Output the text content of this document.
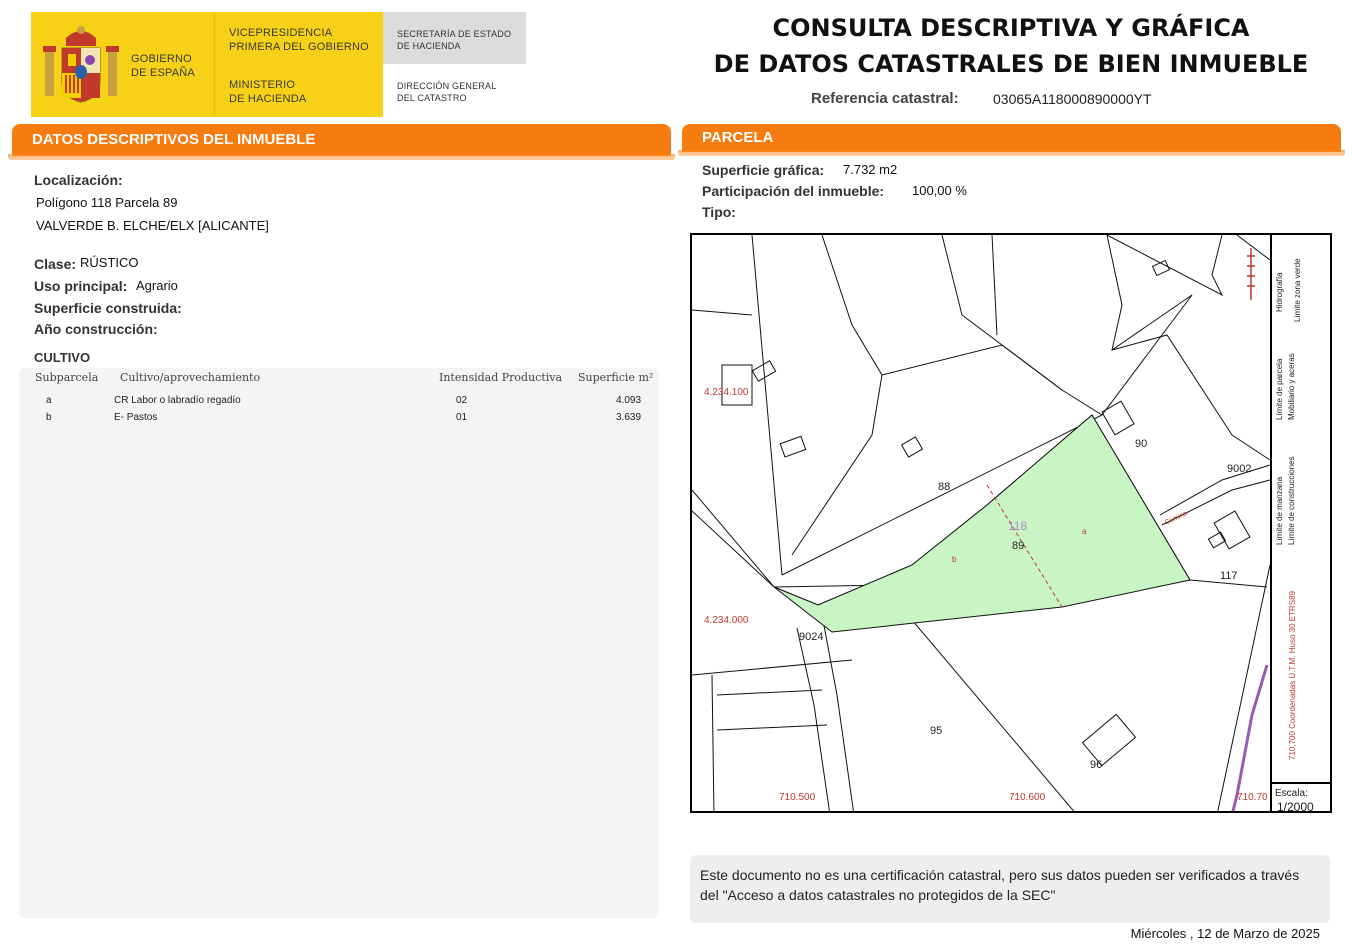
GOBIERNO
DE ESPAÑA
VICEPRESIDENCIA
PRIMERA DEL GOBIERNO
MINISTERIO
DE HACIENDA
SECRETARÍA DE ESTADO
DE HACIENDA
DIRECCIÓN GENERAL
DEL CATASTRO
CONSULTA DESCRIPTIVA Y GRÁFICA
DE DATOS CATASTRALES DE BIEN INMUEBLE
Referencia catastral: 03065A118000890000YT
DATOS DESCRIPTIVOS DEL INMUEBLE
Localización:
Polígono 118 Parcela 89
VALVERDE B. ELCHE/ELX [ALICANTE]
Clase: RÚSTICO
Uso principal: Agrario
Superficie construida:
Año construcción:
CULTIVO
Subparcela Cultivo/aprovechamiento	Intensidad Productiva Superficie m²
a	CR Labor o labradío regadío	02	4.093
b	E- Pastos	01	3.639
PARCELA
Superficie gráfica: 7.732 m2
Participación del inmueble: 100,00 %
Tipo:
4.234.100
4.234.000
710.500	710.600	710.70
88
89
90
9002
117
9024
95
96
a
b
118	Camino
Límite de parcela
Hidrografía
Mobiliario y aceras
Límite zona verde
Límite de manzana Límite de construcciones
710,700 Coordenadas U.T.M. Huso 30 ETRS89
Escala:
1/2000
Este documento no es una certificación catastral, pero sus datos pueden ser verificados a través del "Acceso a datos catastrales no protegidos de la SEC"
Miércoles , 12 de Marzo de 2025
